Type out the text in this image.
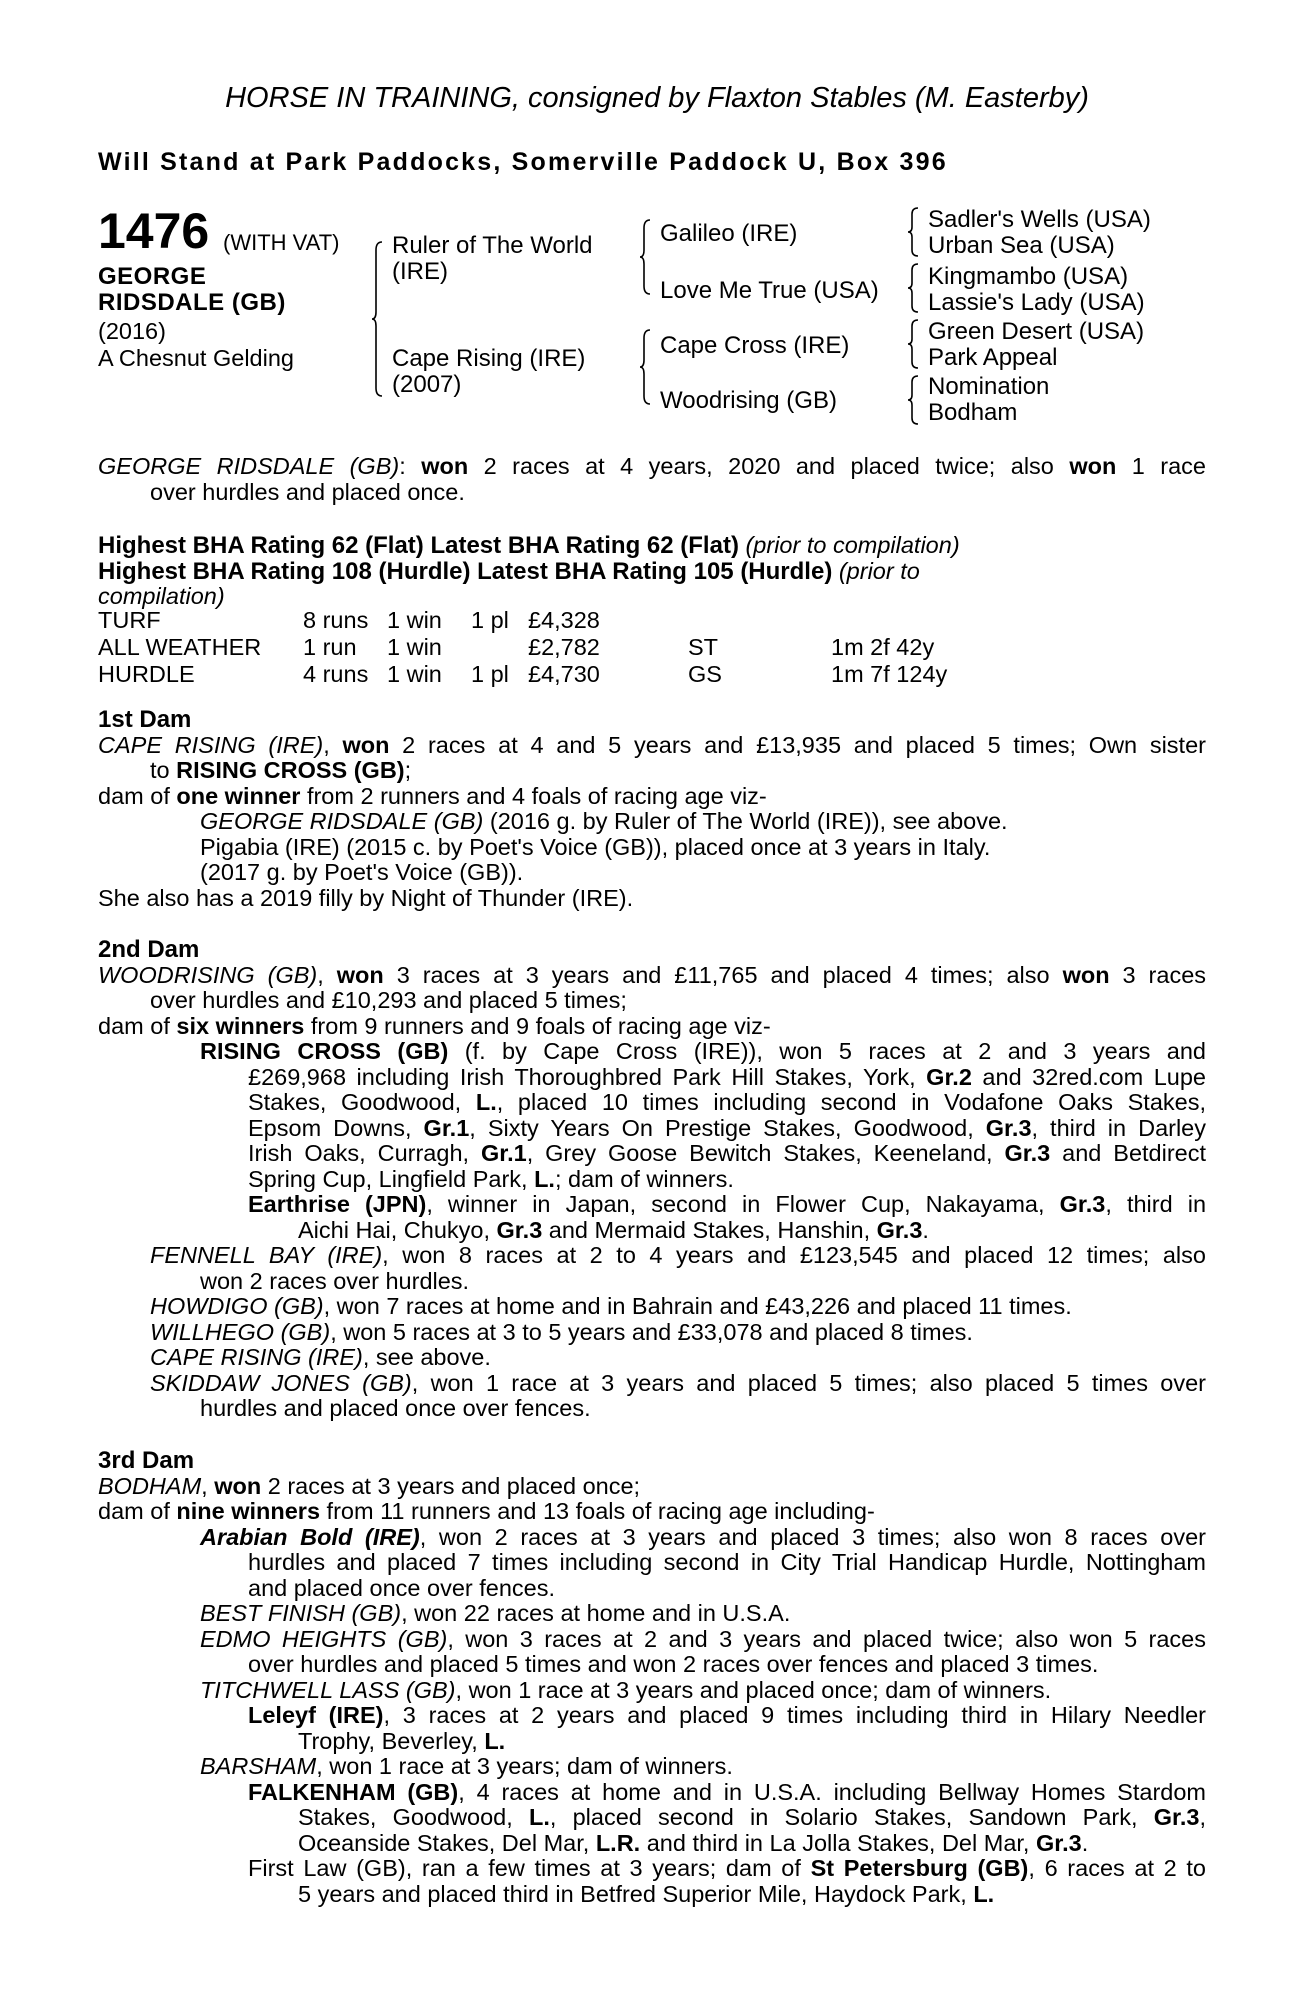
HORSE IN TRAINING, consigned by Flaxton Stables (M. Easterby)
Will Stand at Park Paddocks, Somerville Paddock U, Box 396
1476 (WITH VAT)
GEORGE
RIDSDALE (GB)
(2016)
A Chesnut Gelding
Ruler of The World
(IRE)
Cape Rising (IRE)
(2007)
Galileo (IRE)
Love Me True (USA)
Cape Cross (IRE)
Woodrising (GB)
Sadler's Wells (USA)
Urban Sea (USA)
Kingmambo (USA)
Lassie's Lady (USA)
Green Desert (USA)
Park Appeal
Nomination
Bodham
GEORGE RIDSDALE (GB): won 2 races at 4 years, 2020 and placed twice; also won 1 race
over hurdles and placed once.
Highest BHA Rating 62 (Flat) Latest BHA Rating 62 (Flat) (prior to compilation)
Highest BHA Rating 108 (Hurdle) Latest BHA Rating 105 (Hurdle) (prior to
compilation)
TURF	8 runs	1 win	1 pl	£4,328		
ALL WEATHER	1 run	1 win		£2,782	ST	1m 2f 42y
HURDLE	4 runs	1 win	1 pl	£4,730	GS	1m 7f 124y
1st Dam
CAPE RISING (IRE), won 2 races at 4 and 5 years and £13,935 and placed 5 times; Own sister
to RISING CROSS (GB);
dam of one winner from 2 runners and 4 foals of racing age viz-
GEORGE RIDSDALE (GB) (2016 g. by Ruler of The World (IRE)), see above.
Pigabia (IRE) (2015 c. by Poet's Voice (GB)), placed once at 3 years in Italy.
(2017 g. by Poet's Voice (GB)).
She also has a 2019 filly by Night of Thunder (IRE).
2nd Dam
WOODRISING (GB), won 3 races at 3 years and £11,765 and placed 4 times; also won 3 races
over hurdles and £10,293 and placed 5 times;
dam of six winners from 9 runners and 9 foals of racing age viz-
RISING CROSS (GB) (f. by Cape Cross (IRE)), won 5 races at 2 and 3 years and
£269,968 including Irish Thoroughbred Park Hill Stakes, York, Gr.2 and 32red.com Lupe
Stakes, Goodwood, L., placed 10 times including second in Vodafone Oaks Stakes,
Epsom Downs, Gr.1, Sixty Years On Prestige Stakes, Goodwood, Gr.3, third in Darley
Irish Oaks, Curragh, Gr.1, Grey Goose Bewitch Stakes, Keeneland, Gr.3 and Betdirect
Spring Cup, Lingfield Park, L.; dam of winners.
Earthrise (JPN), winner in Japan, second in Flower Cup, Nakayama, Gr.3, third in
Aichi Hai, Chukyo, Gr.3 and Mermaid Stakes, Hanshin, Gr.3.
FENNELL BAY (IRE), won 8 races at 2 to 4 years and £123,545 and placed 12 times; also
won 2 races over hurdles.
HOWDIGO (GB), won 7 races at home and in Bahrain and £43,226 and placed 11 times.
WILLHEGO (GB), won 5 races at 3 to 5 years and £33,078 and placed 8 times.
CAPE RISING (IRE), see above.
SKIDDAW JONES (GB), won 1 race at 3 years and placed 5 times; also placed 5 times over
hurdles and placed once over fences.
3rd Dam
BODHAM, won 2 races at 3 years and placed once;
dam of nine winners from 11 runners and 13 foals of racing age including-
Arabian Bold (IRE), won 2 races at 3 years and placed 3 times; also won 8 races over
hurdles and placed 7 times including second in City Trial Handicap Hurdle, Nottingham
and placed once over fences.
BEST FINISH (GB), won 22 races at home and in U.S.A.
EDMO HEIGHTS (GB), won 3 races at 2 and 3 years and placed twice; also won 5 races
over hurdles and placed 5 times and won 2 races over fences and placed 3 times.
TITCHWELL LASS (GB), won 1 race at 3 years and placed once; dam of winners.
Leleyf (IRE), 3 races at 2 years and placed 9 times including third in Hilary Needler
Trophy, Beverley, L.
BARSHAM, won 1 race at 3 years; dam of winners.
FALKENHAM (GB), 4 races at home and in U.S.A. including Bellway Homes Stardom
Stakes, Goodwood, L., placed second in Solario Stakes, Sandown Park, Gr.3,
Oceanside Stakes, Del Mar, L.R. and third in La Jolla Stakes, Del Mar, Gr.3.
First Law (GB), ran a few times at 3 years; dam of St Petersburg (GB), 6 races at 2 to
5 years and placed third in Betfred Superior Mile, Haydock Park, L.
